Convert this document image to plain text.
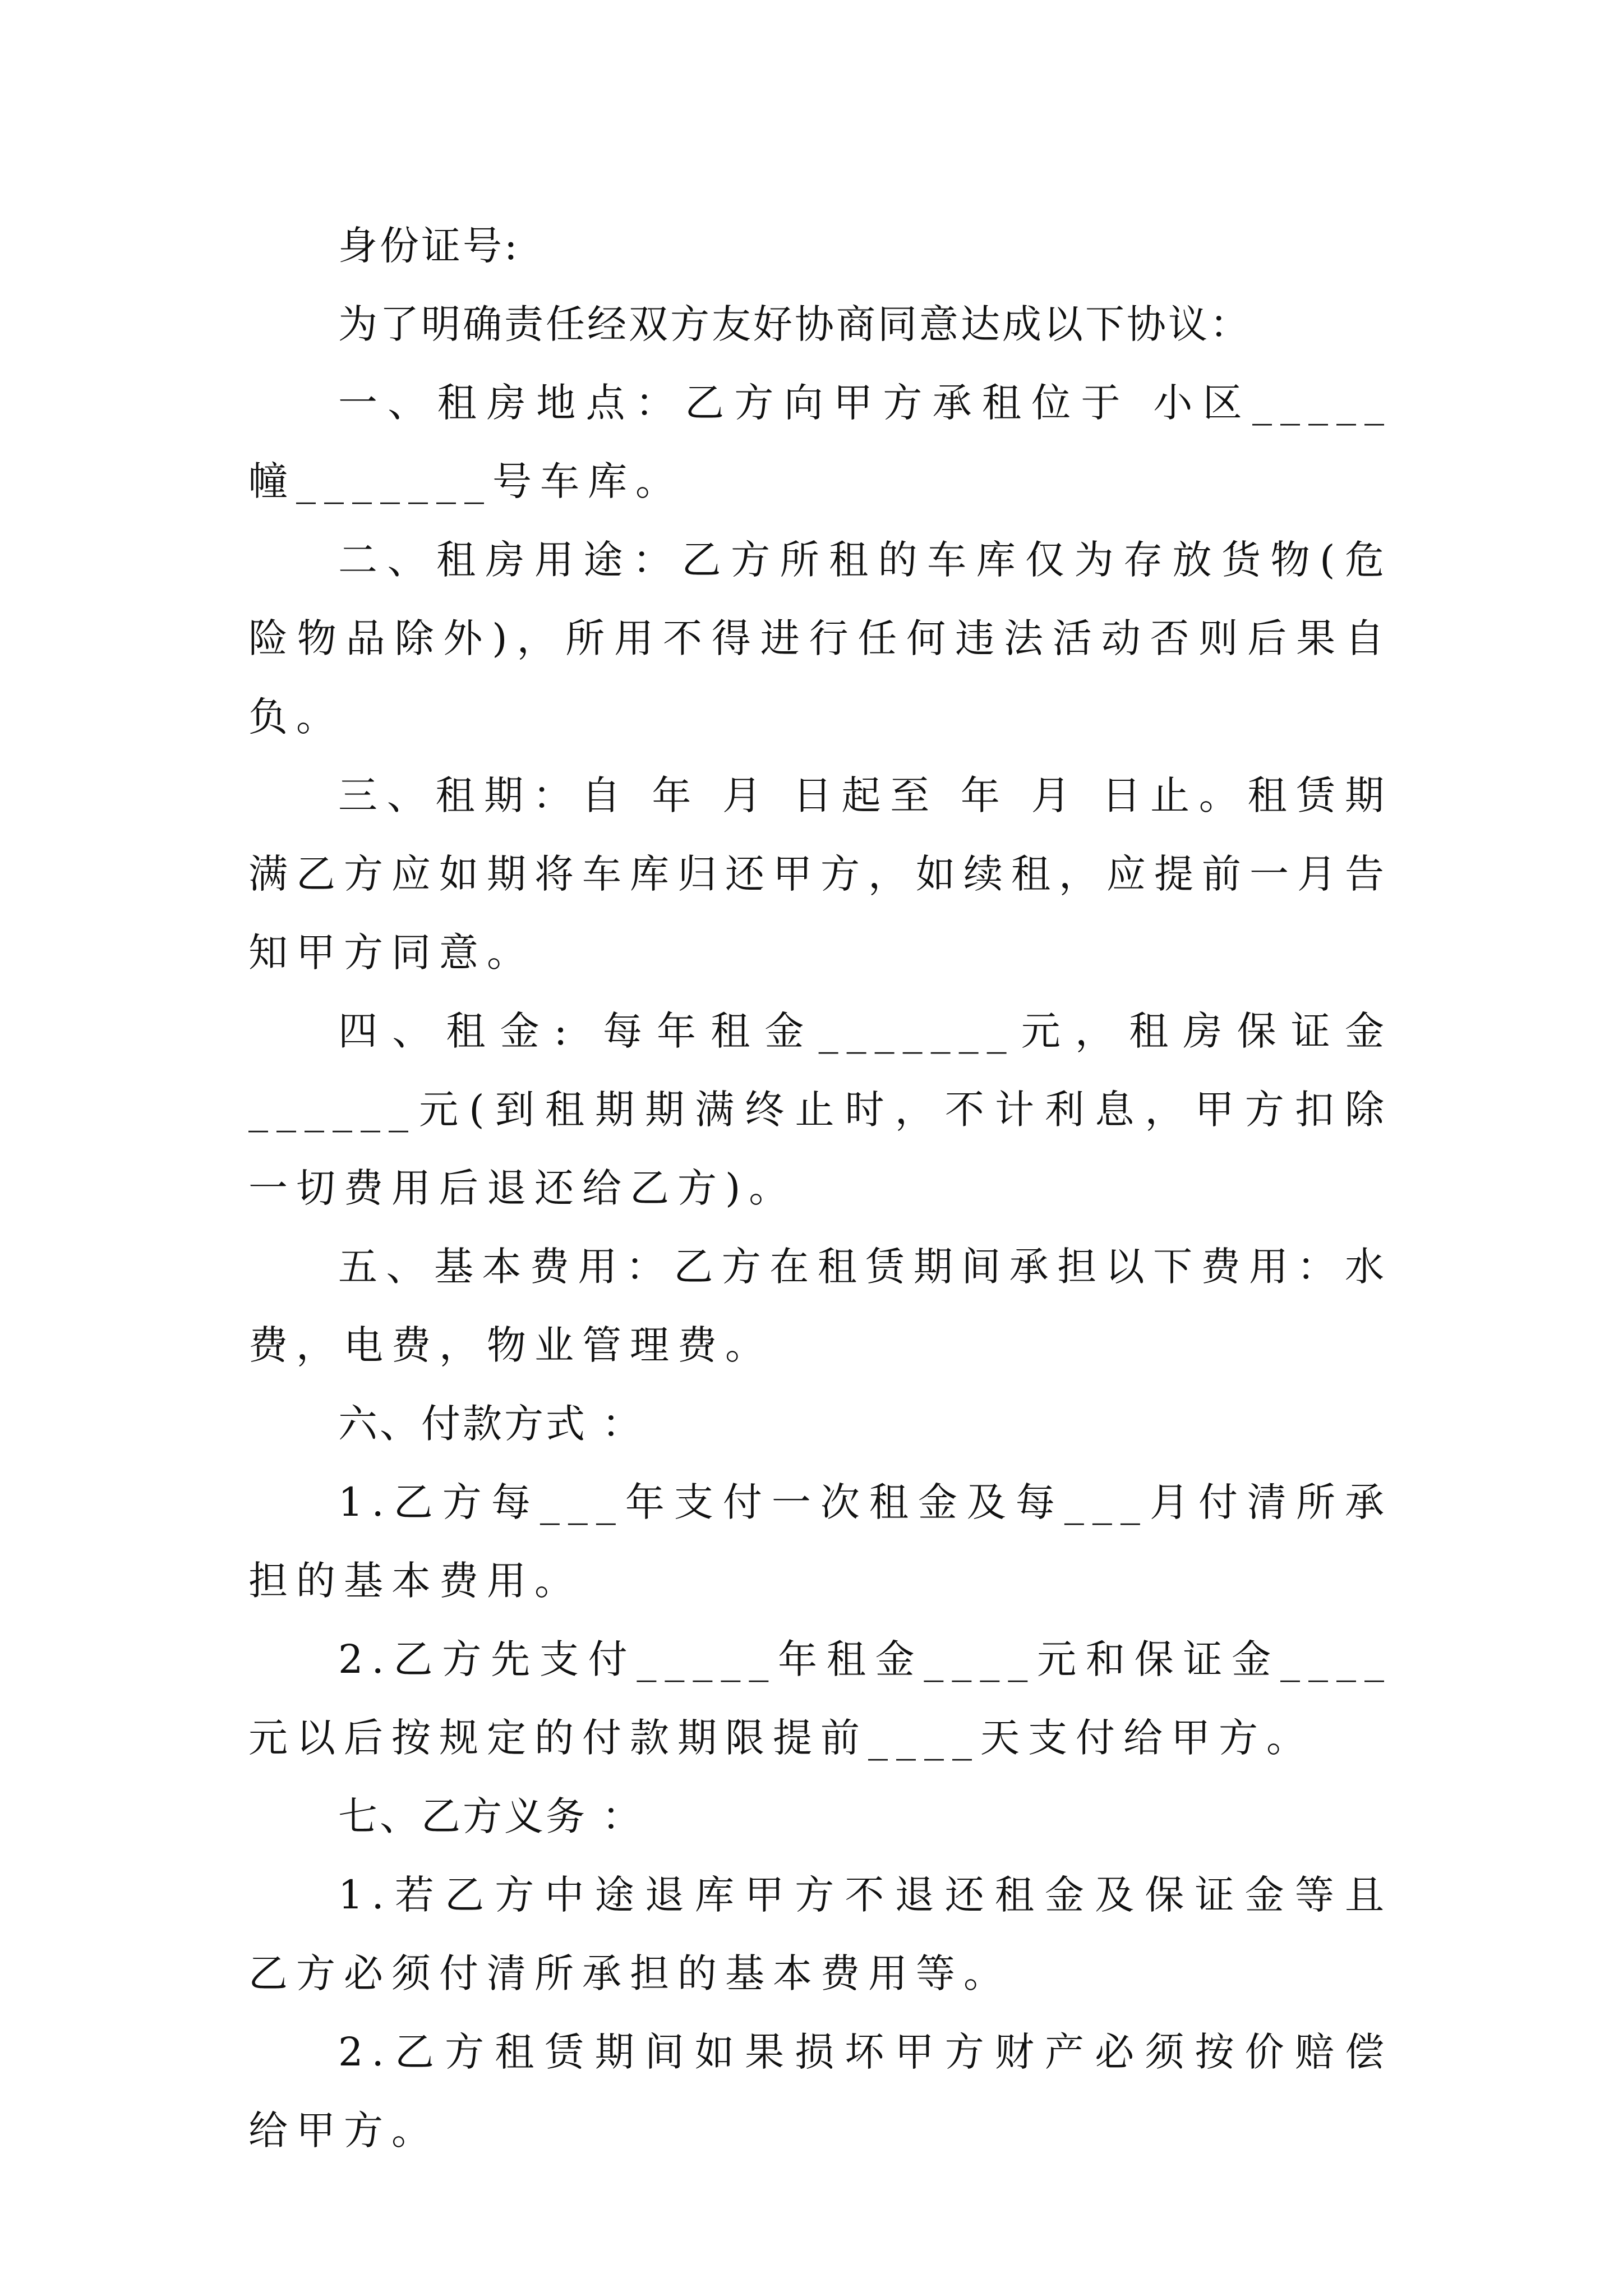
身份证号:

为了明确责任经双方友好协商同意达成以下协议：

一、租房地点：乙方向甲方承租位于 小区_____ 幢_______号车库。

二、租房用途：乙方所租的车库仅为存放货物(危险物品除外)，所用不得进行任何违法活动否则后果自负。

三、租期：自 年 月 日起至 年 月 日止。租赁期满乙方应如期将车库归还甲方，如续租，应提前一月告知甲方同意。

四、租金: 每年租金_______元，租房保证金______元(到租期期满终止时，不计利息，甲方扣除一切费用后退还给乙方)。

五、基本费用：乙方在租赁期间承担以下费用：水费，电费，物业管理费。

六、付款方式 ：

1.乙方每___年支付一次租金及每___月付清所承担的基本费用。

2.乙方先支付_____年租金____元和保证金____元以后按规定的付款期限提前____天支付给甲方。

七、乙方义务 ：

1.若乙方中途退库甲方不退还租金及保证金等且乙方必须付清所承担的基本费用等。

2.乙方租赁期间如果损坏甲方财产必须按价赔偿给甲方。
